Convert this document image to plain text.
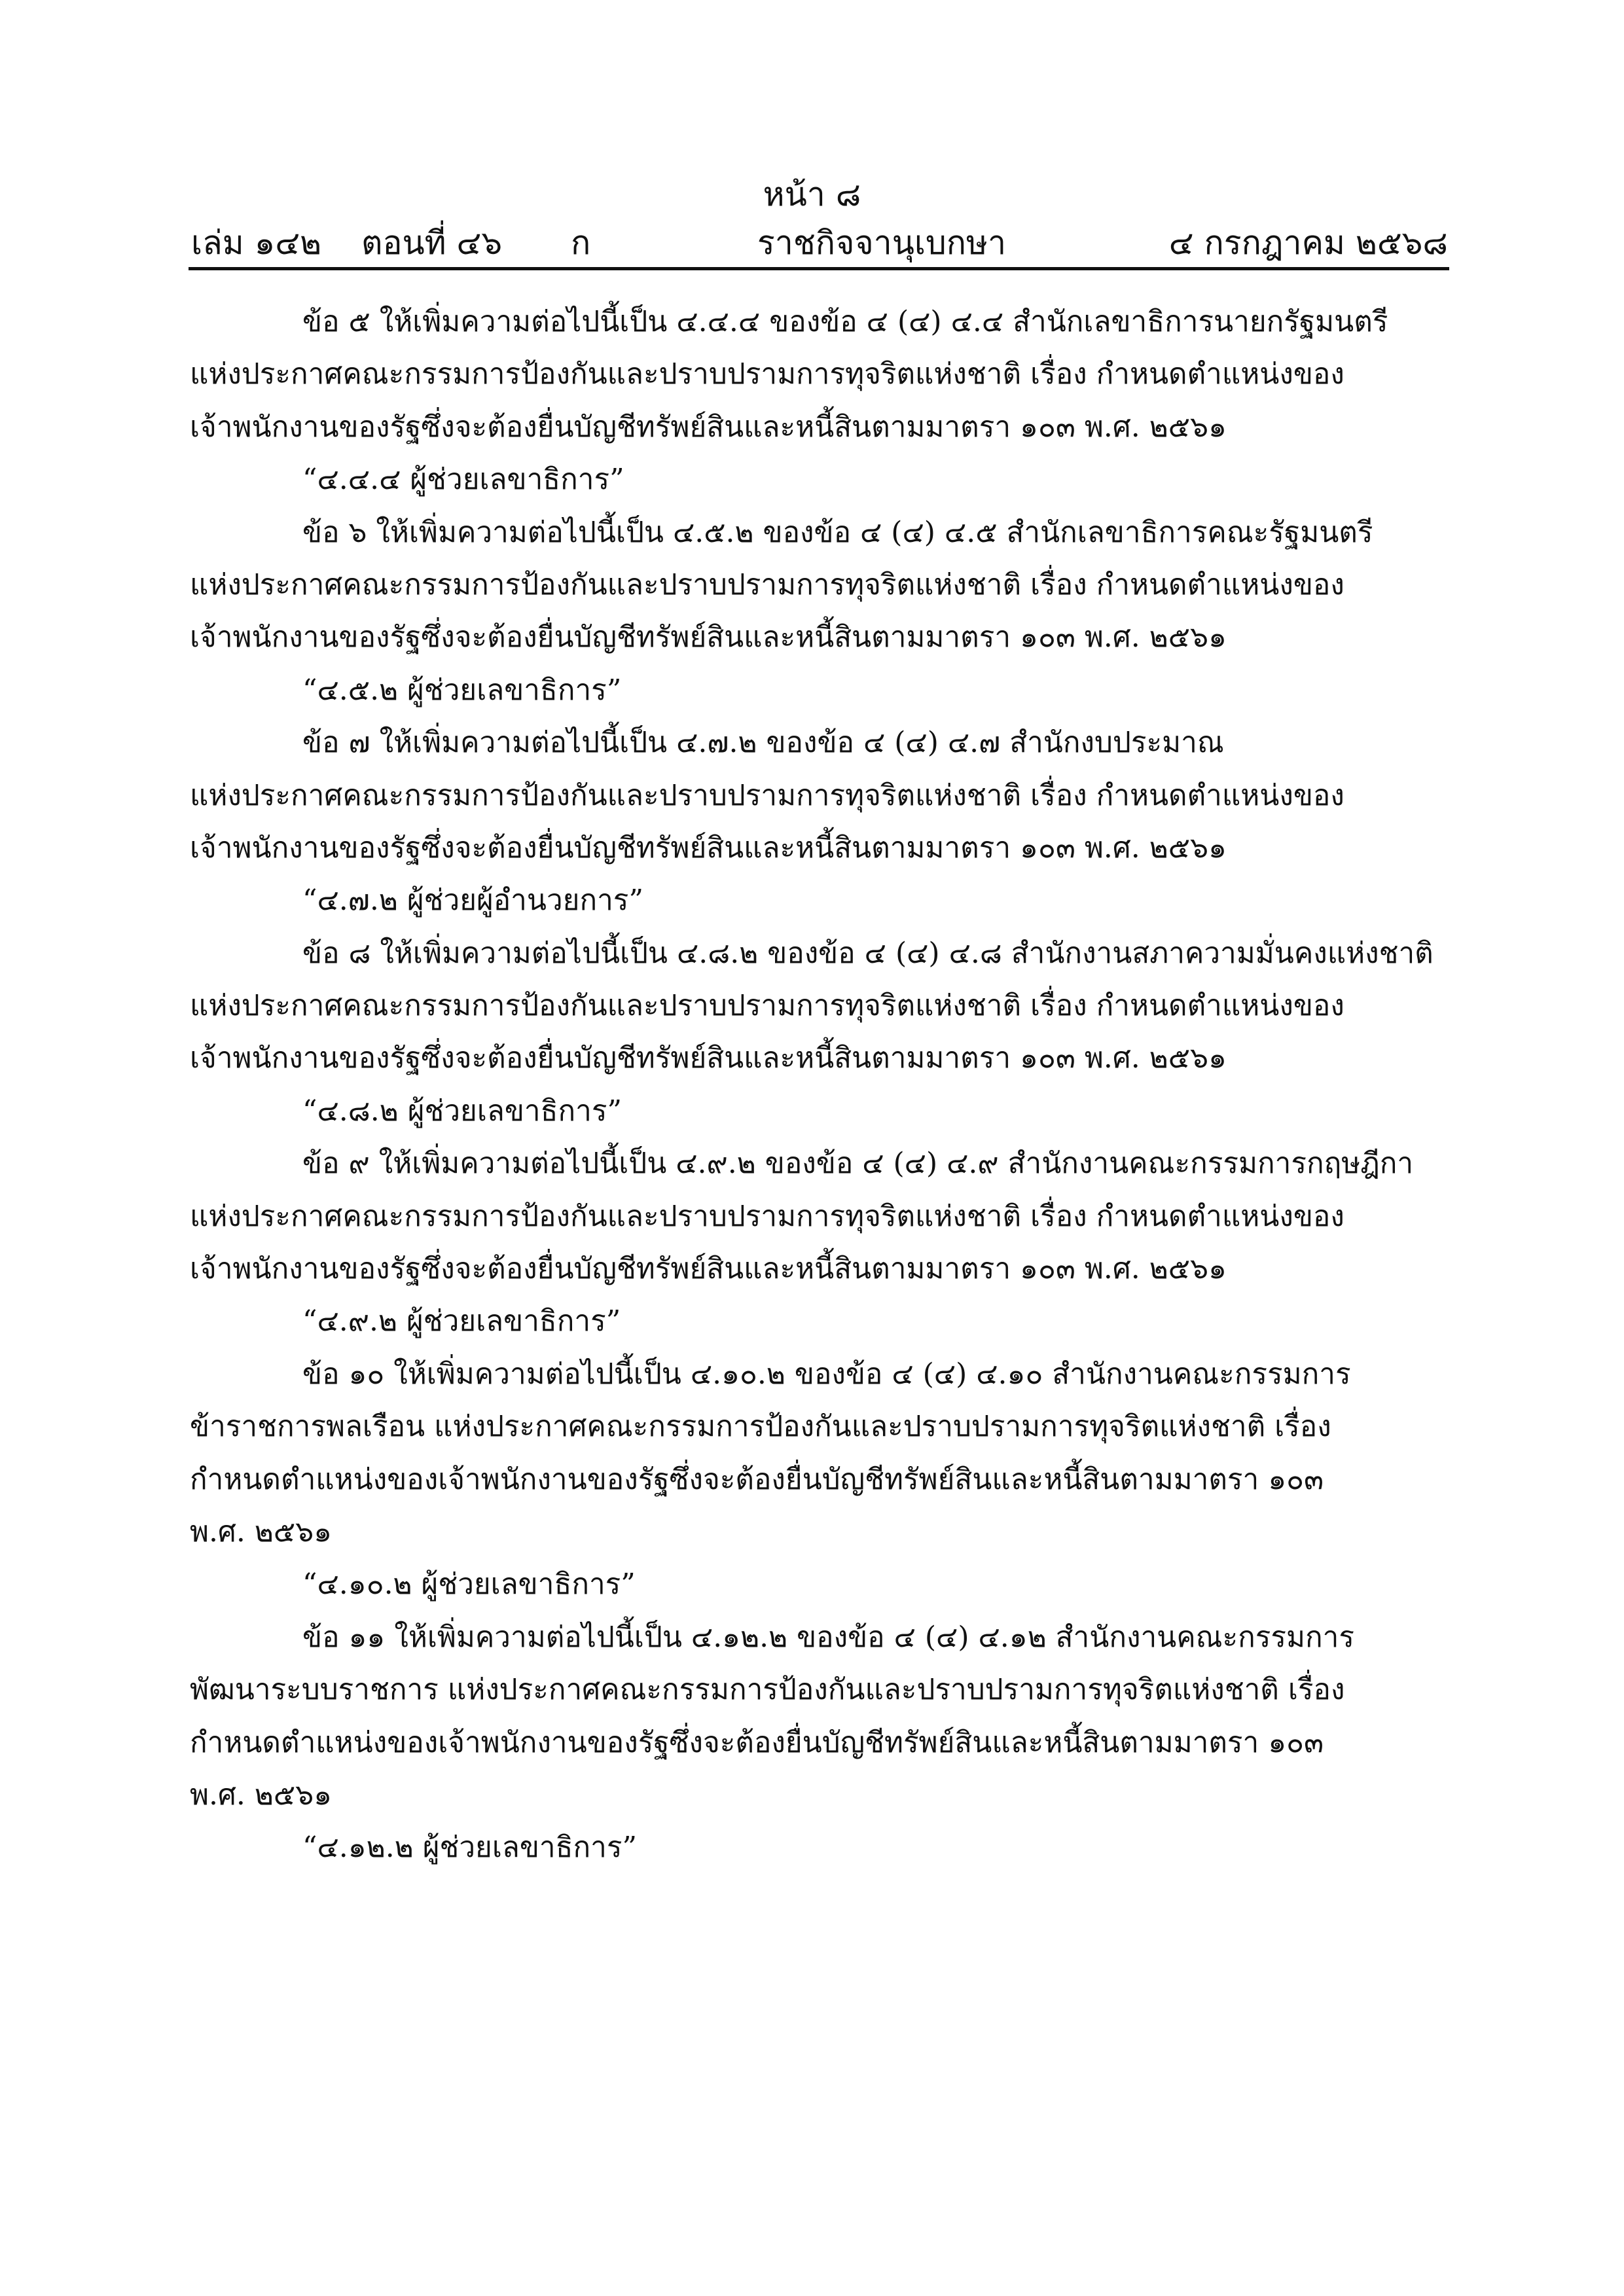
หน้า ๘
เล่ม ๑๔๒ ตอนที่ ๔๖ ก	ราชกิจจานุเบกษา	๔ กรกฎาคม ๒๕๖๘
ข้อ ๕ ให้เพิ่มความต่อไปนี้เป็น ๔.๔.๔ ของข้อ ๔ (๔) ๔.๔ สำนักเลขาธิการนายกรัฐมนตรี
แห่งประกาศคณะกรรมการป้องกันและปราบปรามการทุจริตแห่งชาติ เรื่อง กำหนดตำแหน่งของ
เจ้าพนักงานของรัฐซึ่งจะต้องยื่นบัญชีทรัพย์สินและหนี้สินตามมาตรา ๑๐๓ พ.ศ. ๒๕๖๑
“๔.๔.๔ ผู้ช่วยเลขาธิการ”
ข้อ ๖ ให้เพิ่มความต่อไปนี้เป็น ๔.๕.๒ ของข้อ ๔ (๔) ๔.๕ สำนักเลขาธิการคณะรัฐมนตรี
แห่งประกาศคณะกรรมการป้องกันและปราบปรามการทุจริตแห่งชาติ เรื่อง กำหนดตำแหน่งของ
เจ้าพนักงานของรัฐซึ่งจะต้องยื่นบัญชีทรัพย์สินและหนี้สินตามมาตรา ๑๐๓ พ.ศ. ๒๕๖๑
“๔.๕.๒ ผู้ช่วยเลขาธิการ”
ข้อ ๗ ให้เพิ่มความต่อไปนี้เป็น ๔.๗.๒ ของข้อ ๔ (๔) ๔.๗ สำนักงบประมาณ
แห่งประกาศคณะกรรมการป้องกันและปราบปรามการทุจริตแห่งชาติ เรื่อง กำหนดตำแหน่งของ
เจ้าพนักงานของรัฐซึ่งจะต้องยื่นบัญชีทรัพย์สินและหนี้สินตามมาตรา ๑๐๓ พ.ศ. ๒๕๖๑
“๔.๗.๒ ผู้ช่วยผู้อำนวยการ”
ข้อ ๘ ให้เพิ่มความต่อไปนี้เป็น ๔.๘.๒ ของข้อ ๔ (๔) ๔.๘ สำนักงานสภาความมั่นคงแห่งชาติ
แห่งประกาศคณะกรรมการป้องกันและปราบปรามการทุจริตแห่งชาติ เรื่อง กำหนดตำแหน่งของ
เจ้าพนักงานของรัฐซึ่งจะต้องยื่นบัญชีทรัพย์สินและหนี้สินตามมาตรา ๑๐๓ พ.ศ. ๒๕๖๑
“๔.๘.๒ ผู้ช่วยเลขาธิการ”
ข้อ ๙ ให้เพิ่มความต่อไปนี้เป็น ๔.๙.๒ ของข้อ ๔ (๔) ๔.๙ สำนักงานคณะกรรมการกฤษฎีกา
แห่งประกาศคณะกรรมการป้องกันและปราบปรามการทุจริตแห่งชาติ เรื่อง กำหนดตำแหน่งของ
เจ้าพนักงานของรัฐซึ่งจะต้องยื่นบัญชีทรัพย์สินและหนี้สินตามมาตรา ๑๐๓ พ.ศ. ๒๕๖๑
“๔.๙.๒ ผู้ช่วยเลขาธิการ”
ข้อ ๑๐ ให้เพิ่มความต่อไปนี้เป็น ๔.๑๐.๒ ของข้อ ๔ (๔) ๔.๑๐ สำนักงานคณะกรรมการ
ข้าราชการพลเรือน แห่งประกาศคณะกรรมการป้องกันและปราบปรามการทุจริตแห่งชาติ เรื่อง
กำหนดตำแหน่งของเจ้าพนักงานของรัฐซึ่งจะต้องยื่นบัญชีทรัพย์สินและหนี้สินตามมาตรา ๑๐๓
พ.ศ. ๒๕๖๑
“๔.๑๐.๒ ผู้ช่วยเลขาธิการ”
ข้อ ๑๑ ให้เพิ่มความต่อไปนี้เป็น ๔.๑๒.๒ ของข้อ ๔ (๔) ๔.๑๒ สำนักงานคณะกรรมการ
พัฒนาระบบราชการ แห่งประกาศคณะกรรมการป้องกันและปราบปรามการทุจริตแห่งชาติ เรื่อง
กำหนดตำแหน่งของเจ้าพนักงานของรัฐซึ่งจะต้องยื่นบัญชีทรัพย์สินและหนี้สินตามมาตรา ๑๐๓
พ.ศ. ๒๕๖๑
“๔.๑๒.๒ ผู้ช่วยเลขาธิการ”
